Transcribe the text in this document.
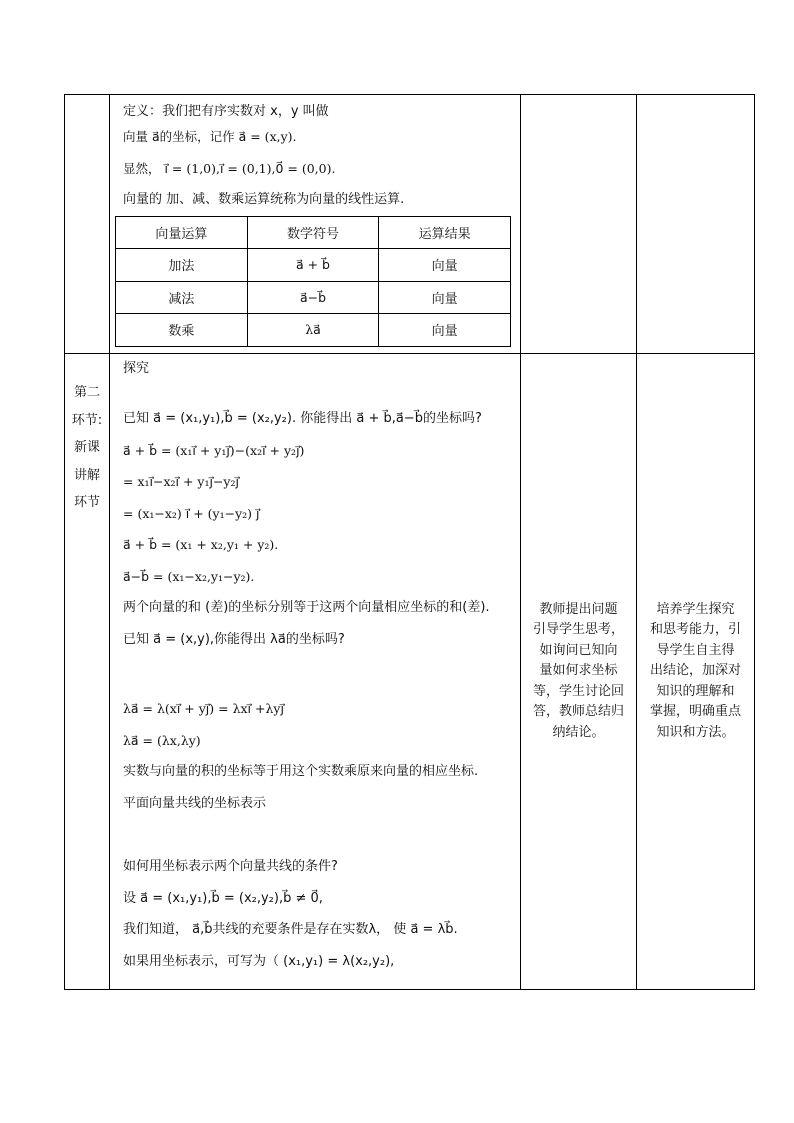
定义：我们把有序实数对 x，y 叫做
向量 a⃗的坐标，记作 a⃗ = (x,y).
显然， i⃗ = (1,0),i⃗ = (0,1),0⃗ = (0,0).
向量的 加、减、数乘运算统称为向量的线性运算.
向量运算	数学符号	运算结果
加法	a⃗ + b⃗	向量
减法	a⃗−b⃗	向量
数乘	λa⃗	向量

第二
环节:
新课
讲解
环节

探究
已知 a⃗ = (x₁,y₁),b⃗ = (x₂,y₂). 你能得出 a⃗ + b⃗,a⃗−b⃗的坐标吗?
a⃗ + b⃗ = (x₁i⃗ + y₁j⃗)−(x₂i⃗ + y₂j⃗)
= x₁i⃗−x₂i⃗ + y₁j⃗−y₂j⃗
= (x₁−x₂) i⃗ + (y₁−y₂) j⃗
a⃗ + b⃗ = (x₁ + x₂,y₁ + y₂).
a⃗−b⃗ = (x₁−x₂,y₁−y₂).
两个向量的和 (差)的坐标分别等于这两个向量相应坐标的和(差).
已知 a⃗ = (x,y),你能得出 λa⃗的坐标吗?
λa⃗ = λ(xi⃗ + yj⃗) = λxi⃗ +λyj⃗
λa⃗ = (λx,λy)
实数与向量的积的坐标等于用这个实数乘原来向量的相应坐标.
平面向量共线的坐标表示
如何用坐标表示两个向量共线的条件?
设 a⃗ = (x₁,y₁),b⃗ = (x₂,y₂),b⃗ ≠ 0⃗,
我们知道， a⃗,b⃗共线的充要条件是存在实数λ， 使 a⃗ = λb⃗.
如果用坐标表示，可写为（ (x₁,y₁) = λ(x₂,y₂),

教师提出问题
引导学生思考，
如询问已知向
量如何求坐标
等，学生讨论回
答，教师总结归
纳结论。

培养学生探究
和思考能力，引
导学生自主得
出结论，加深对
知识的理解和
掌握，明确重点
知识和方法。
